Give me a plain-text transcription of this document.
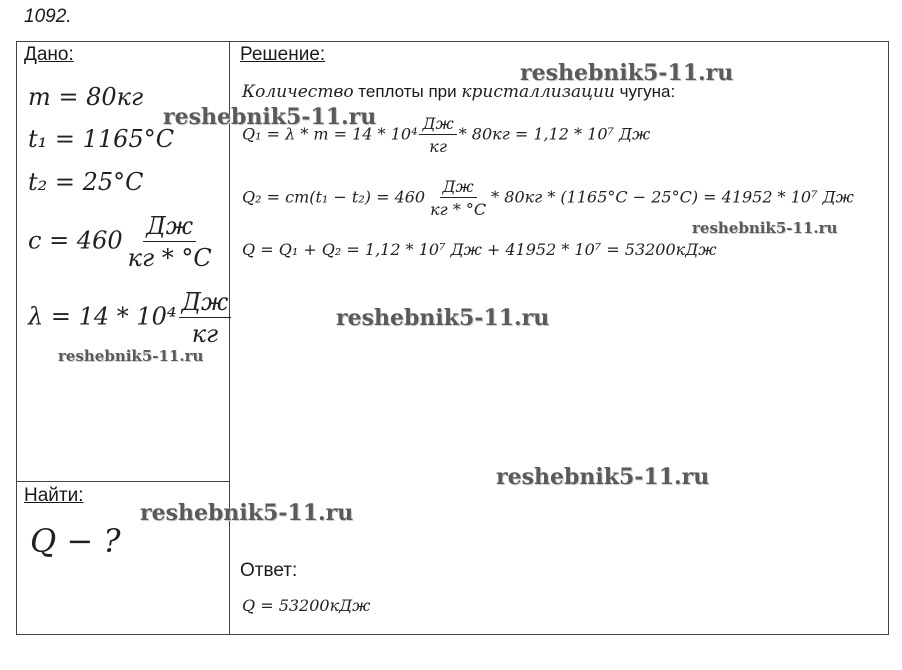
1092.
Дано:
m = 80кг
t₁ = 1165°C
t₂ = 25°C
$c = 460 \frac{Дж}{кг * ^\circ C}$
$\lambda = 14 * 10^4 \frac{Дж}{кг}$
Найти:
Q − ?
Решение:
Количество теплоты при кристаллизации чугуна:
$Q_1 = \lambda * m = 14 * 10^4 \frac{Дж}{кг} * 80кг = 1,12 * 10^7$ Дж
$Q_2 = cm(t_1 - t_2) = 460 \frac{Дж}{кг * ^\circ C} * 80кг * (1165^\circ C - 25^\circ C) = 41952 * 10^7$ Дж
Q = Q₁ + Q₂ = 1,12 * 10⁷ Дж + 41952 * 10⁷ = 53200кДж
Ответ:
Q = 53200кДж
reshebnik5-11.ru
reshebnik5-11.ru
reshebnik5-11.ru
reshebnik5-11.ru
reshebnik5-11.ru
reshebnik5-11.ru
reshebnik5-11.ru
